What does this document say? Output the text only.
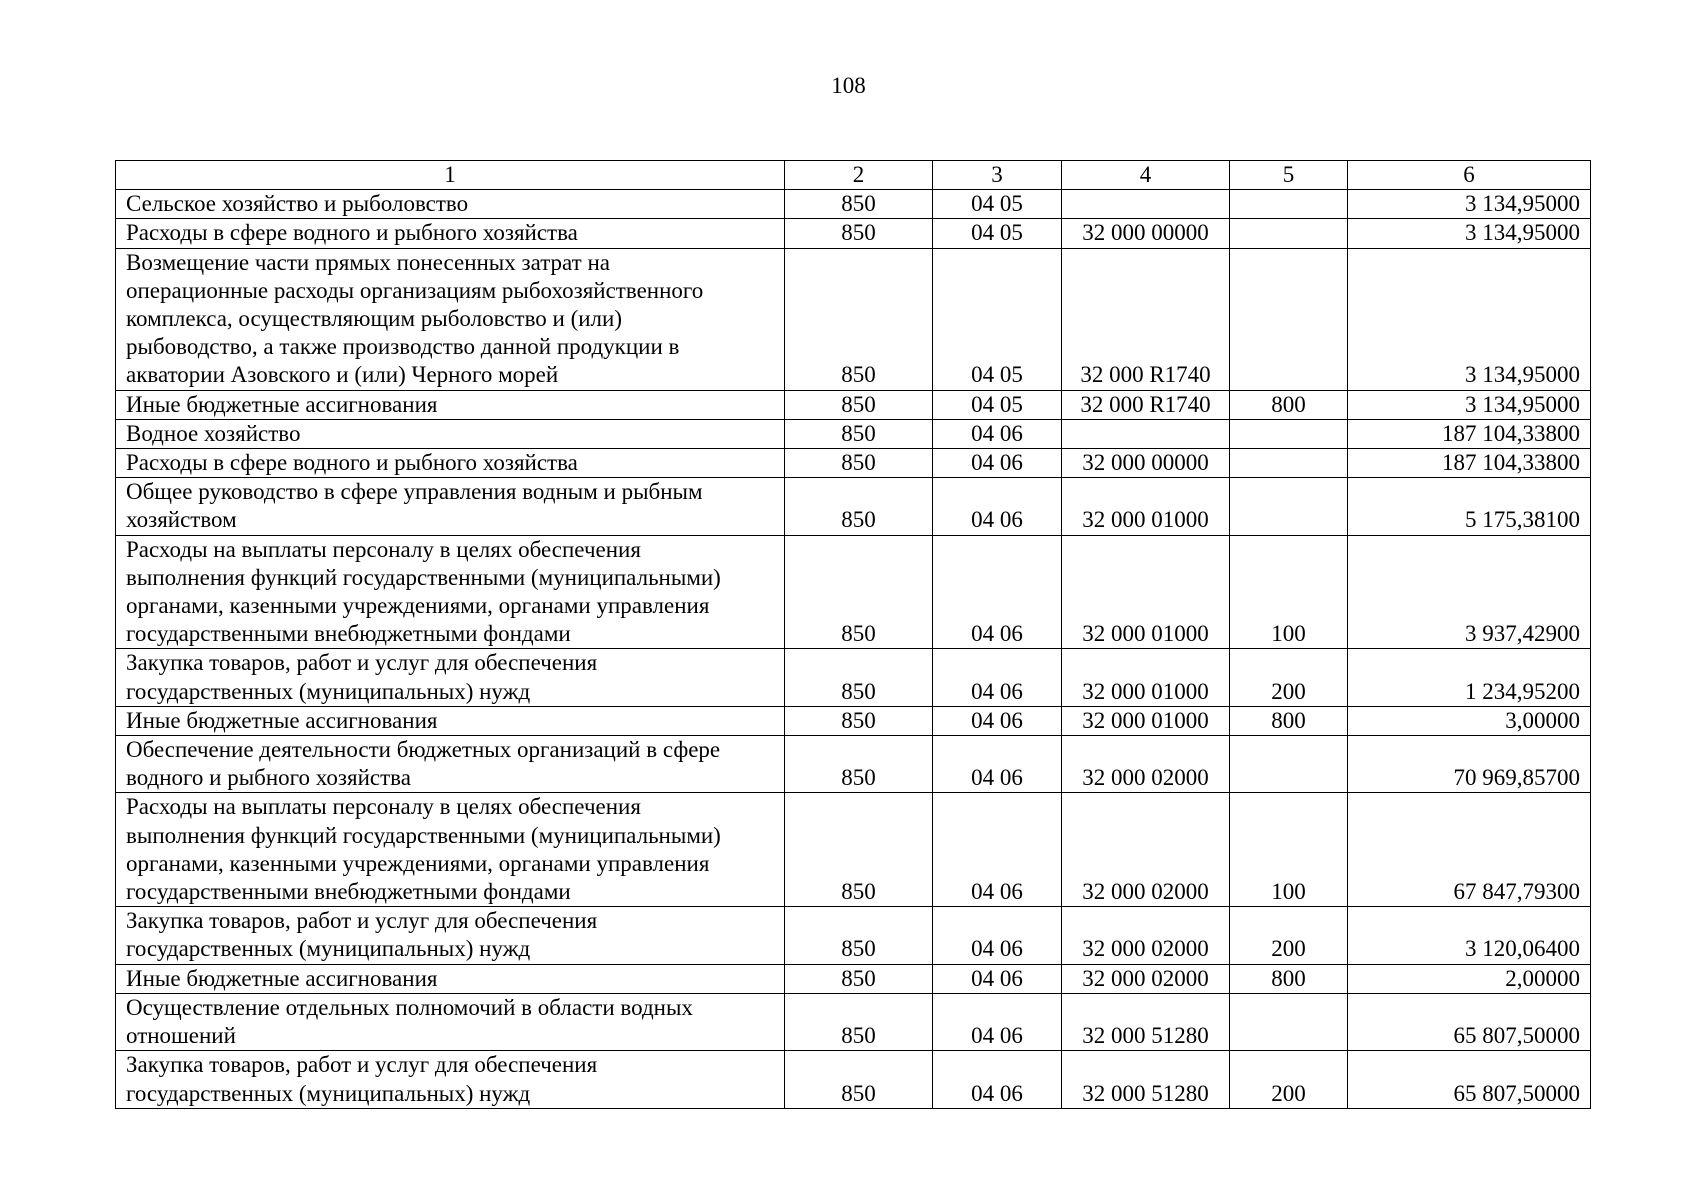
108
1	2	3	4	5	6

Сельское хозяйство и рыболовство	850	04 05			3 134,95000

Расходы в сфере водного и рыбного хозяйства	850	04 05	32 000 00000		3 134,95000

Возмещение части прямых понесенных затрат на
операционные расходы организациям рыбохозяйственного
комплекса, осуществляющим рыболовство и (или)
рыбоводство, а также производство данной продукции в
акватории Азовского и (или) Черного морей	850	04 05	32 000 R1740		3 134,95000

Иные бюджетные ассигнования	850	04 05	32 000 R1740	800	3 134,95000

Водное хозяйство	850	04 06			187 104,33800

Расходы в сфере водного и рыбного хозяйства	850	04 06	32 000 00000		187 104,33800

Общее руководство в сфере управления водным и рыбным
хозяйством	850	04 06	32 000 01000		5 175,38100

Расходы на выплаты персоналу в целях обеспечения
выполнения функций государственными (муниципальными)
органами, казенными учреждениями, органами управления
государственными внебюджетными фондами	850	04 06	32 000 01000	100	3 937,42900

Закупка товаров, работ и услуг для обеспечения
государственных (муниципальных) нужд	850	04 06	32 000 01000	200	1 234,95200

Иные бюджетные ассигнования	850	04 06	32 000 01000	800	3,00000

Обеспечение деятельности бюджетных организаций в сфере
водного и рыбного хозяйства	850	04 06	32 000 02000		70 969,85700

Расходы на выплаты персоналу в целях обеспечения
выполнения функций государственными (муниципальными)
органами, казенными учреждениями, органами управления
государственными внебюджетными фондами	850	04 06	32 000 02000	100	67 847,79300

Закупка товаров, работ и услуг для обеспечения
государственных (муниципальных) нужд	850	04 06	32 000 02000	200	3 120,06400

Иные бюджетные ассигнования	850	04 06	32 000 02000	800	2,00000

Осуществление отдельных полномочий в области водных
отношений	850	04 06	32 000 51280		65 807,50000

Закупка товаров, работ и услуг для обеспечения
государственных (муниципальных) нужд	850	04 06	32 000 51280	200	65 807,50000
